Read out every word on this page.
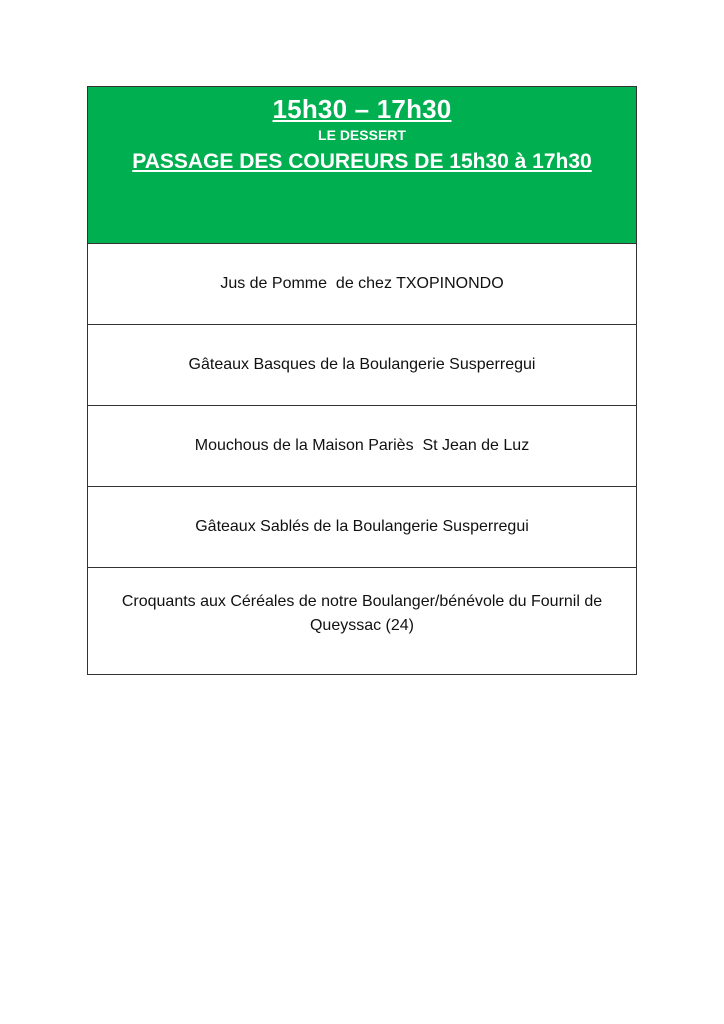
15h30 – 17h30
LE DESSERT
PASSAGE DES COUREURS DE 15h30 à 17h30
Jus de Pomme  de chez TXOPINONDO
Gâteaux Basques de la Boulangerie Susperregui
Mouchous de la Maison Pariès  St Jean de Luz
Gâteaux Sablés de la Boulangerie Susperregui
Croquants aux Céréales de notre Boulanger/bénévole du Fournil de Queyssac (24)
